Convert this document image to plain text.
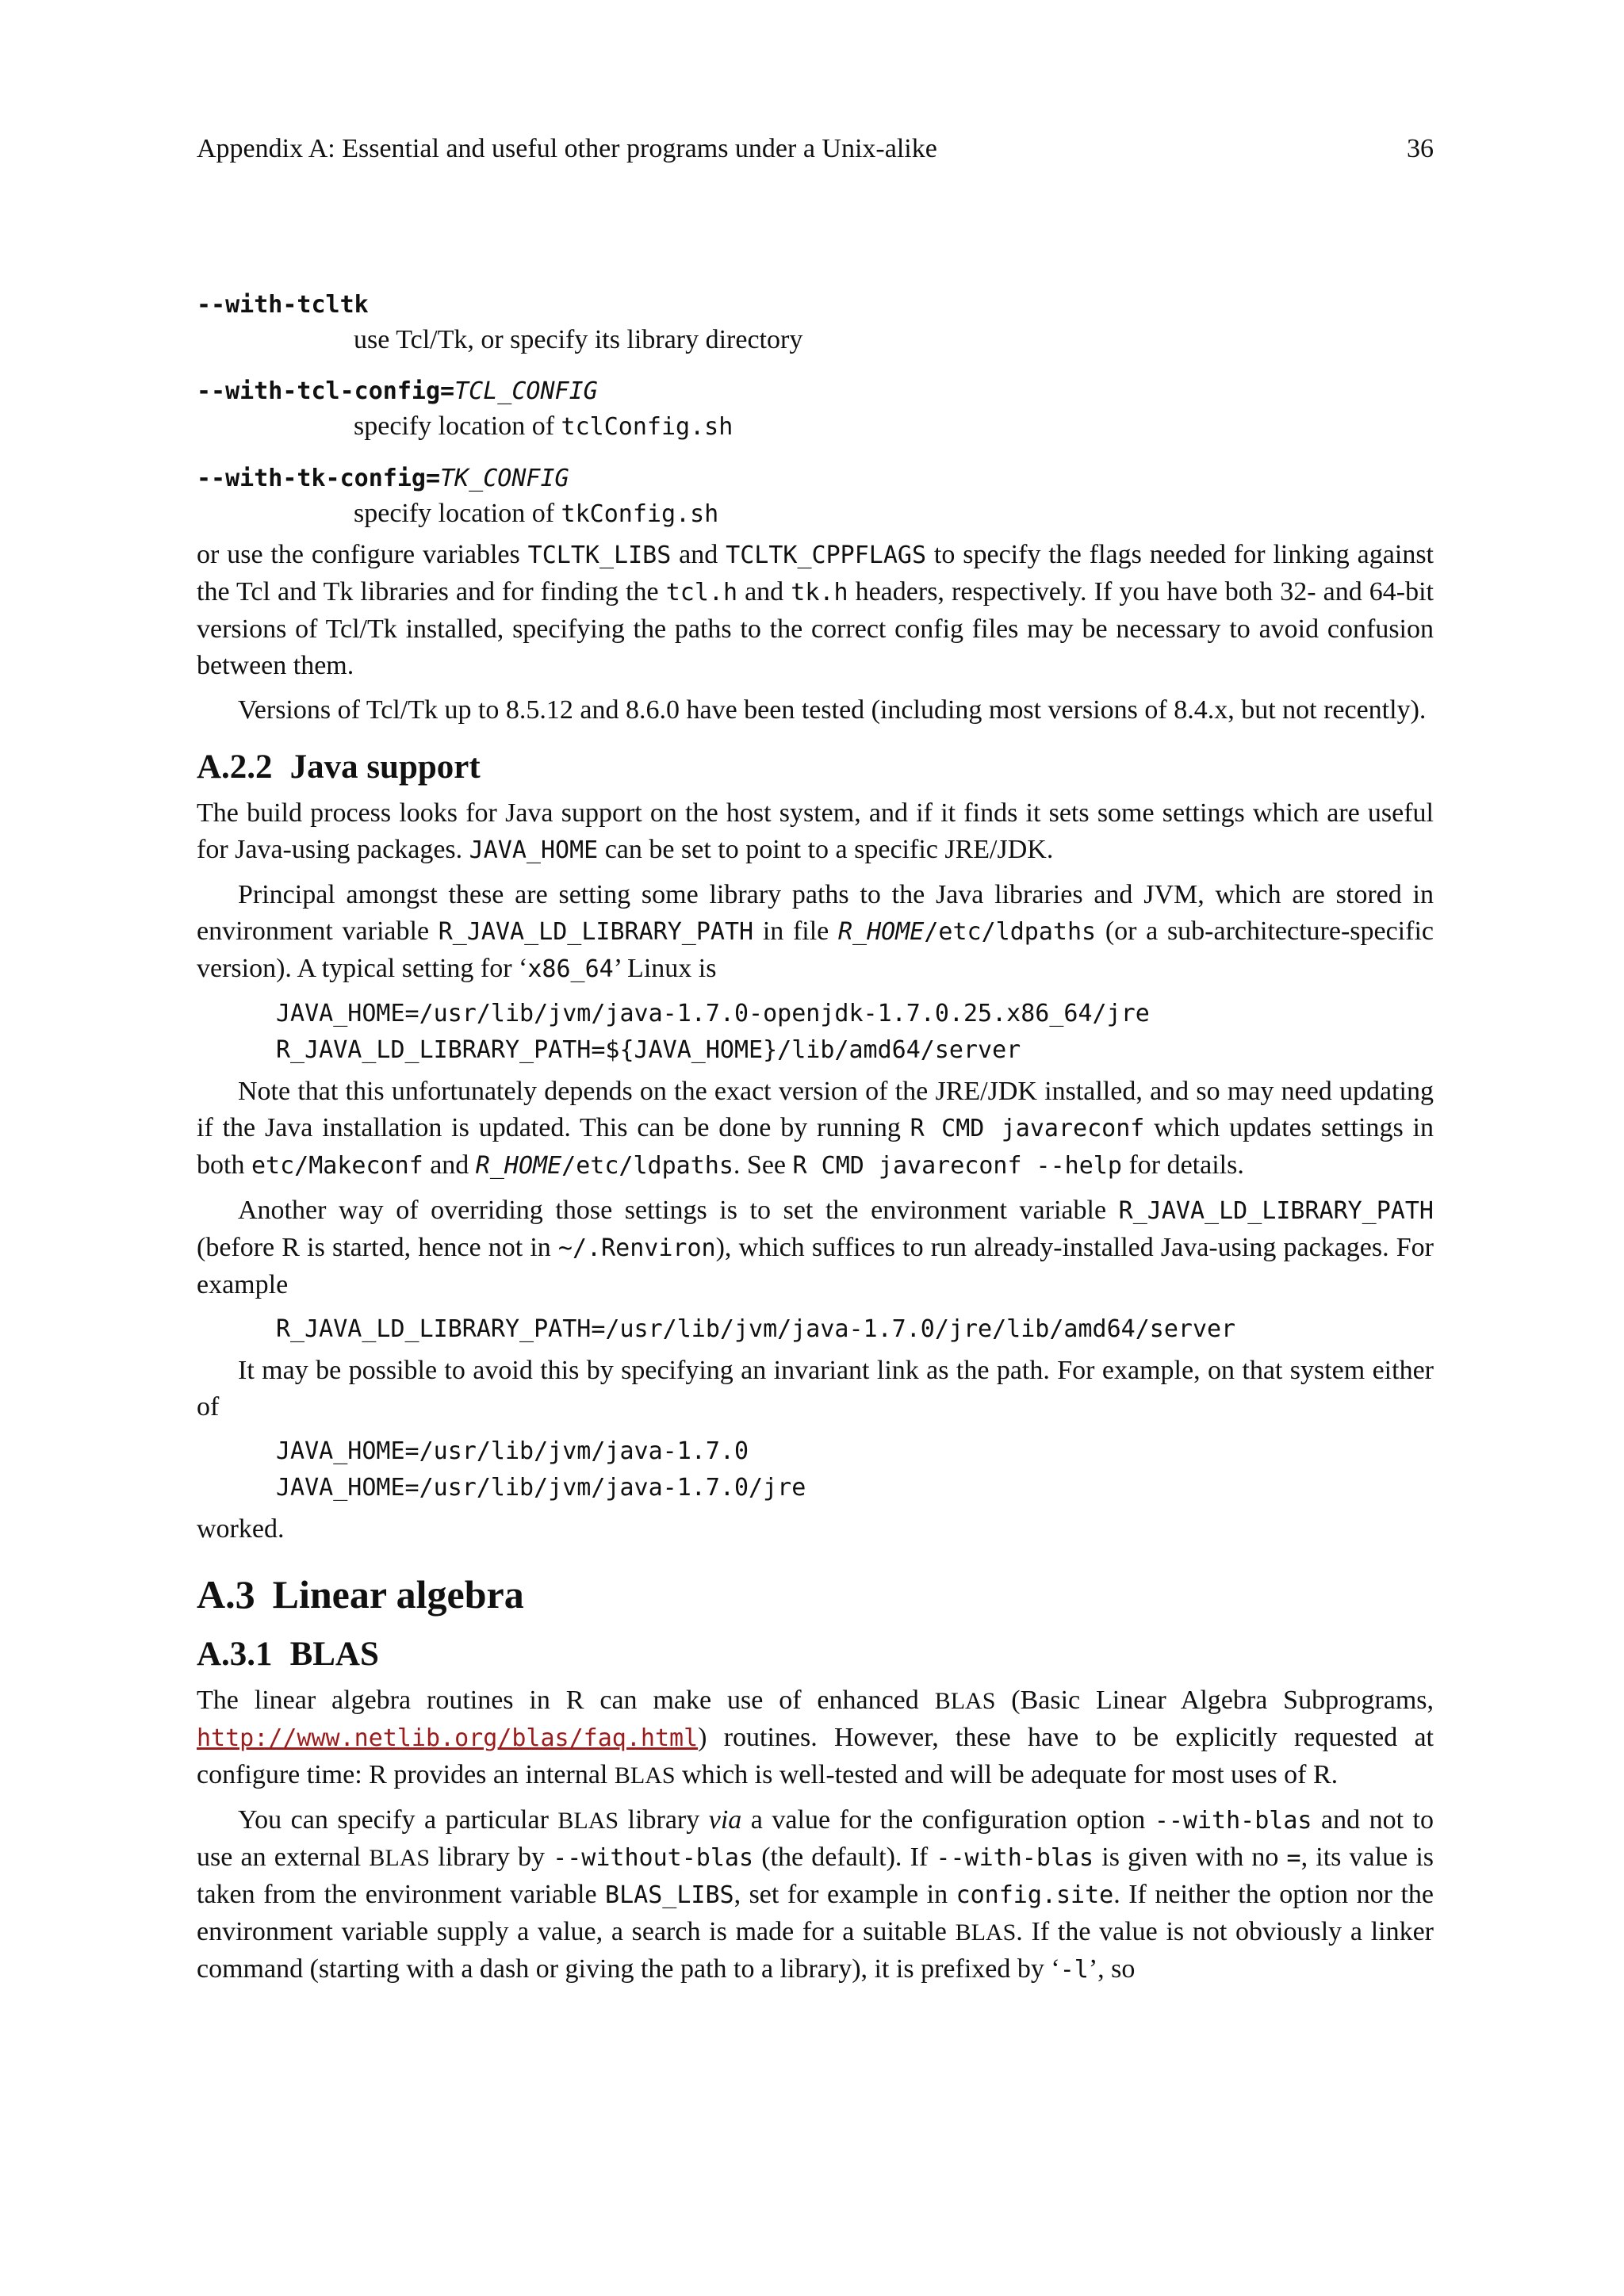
Appendix A: Essential and useful other programs under a Unix-alike	36
--with-tcltk
use Tcl/Tk, or specify its library directory
--with-tcl-config=TCL_CONFIG
specify location of tclConfig.sh
--with-tk-config=TK_CONFIG
specify location of tkConfig.sh

or use the configure variables TCLTK_LIBS and TCLTK_CPPFLAGS to specify the flags needed for linking against the Tcl and Tk libraries and for finding the tcl.h and tk.h headers, respectively. If you have both 32- and 64-bit versions of Tcl/Tk installed, specifying the paths to the correct config files may be necessary to avoid confusion between them.

Versions of Tcl/Tk up to 8.5.12 and 8.6.0 have been tested (including most versions of 8.4.x, but not recently).

A.2.2 Java support

The build process looks for Java support on the host system, and if it finds it sets some settings which are useful for Java-using packages. JAVA_HOME can be set to point to a specific JRE/JDK.

Principal amongst these are setting some library paths to the Java libraries and JVM, which are stored in environment variable R_JAVA_LD_LIBRARY_PATH in file R_HOME/etc/ldpaths (or a sub-architecture-specific version). A typical setting for ‘x86_64’ Linux is

JAVA_HOME=/usr/lib/jvm/java-1.7.0-openjdk-1.7.0.25.x86_64/jre
R_JAVA_LD_LIBRARY_PATH=${JAVA_HOME}/lib/amd64/server

Note that this unfortunately depends on the exact version of the JRE/JDK installed, and so may need updating if the Java installation is updated. This can be done by running R CMD javareconf which updates settings in both etc/Makeconf and R_HOME/etc/ldpaths. See R CMD javareconf --help for details.

Another way of overriding those settings is to set the environment variable R_JAVA_LD_LIBRARY_PATH (before R is started, hence not in ~/.Renviron), which suffices to run already-installed Java-using packages. For example

R_JAVA_LD_LIBRARY_PATH=/usr/lib/jvm/java-1.7.0/jre/lib/amd64/server

It may be possible to avoid this by specifying an invariant link as the path. For example, on that system either of

JAVA_HOME=/usr/lib/jvm/java-1.7.0
JAVA_HOME=/usr/lib/jvm/java-1.7.0/jre

worked.

A.3 Linear algebra
A.3.1 BLAS

The linear algebra routines in R can make use of enhanced BLAS (Basic Linear Algebra Subprograms, http://www.netlib.org/blas/faq.html) routines. However, these have to be explicitly requested at configure time: R provides an internal BLAS which is well-tested and will be adequate for most uses of R.

You can specify a particular BLAS library via a value for the configuration option --with-blas and not to use an external BLAS library by --without-blas (the default). If --with-blas is given with no =, its value is taken from the environment variable BLAS_LIBS, set for example in config.site. If neither the option nor the environment variable supply a value, a search is made for a suitable BLAS. If the value is not obviously a linker command (starting with a dash or giving the path to a library), it is prefixed by ‘-l’, so
